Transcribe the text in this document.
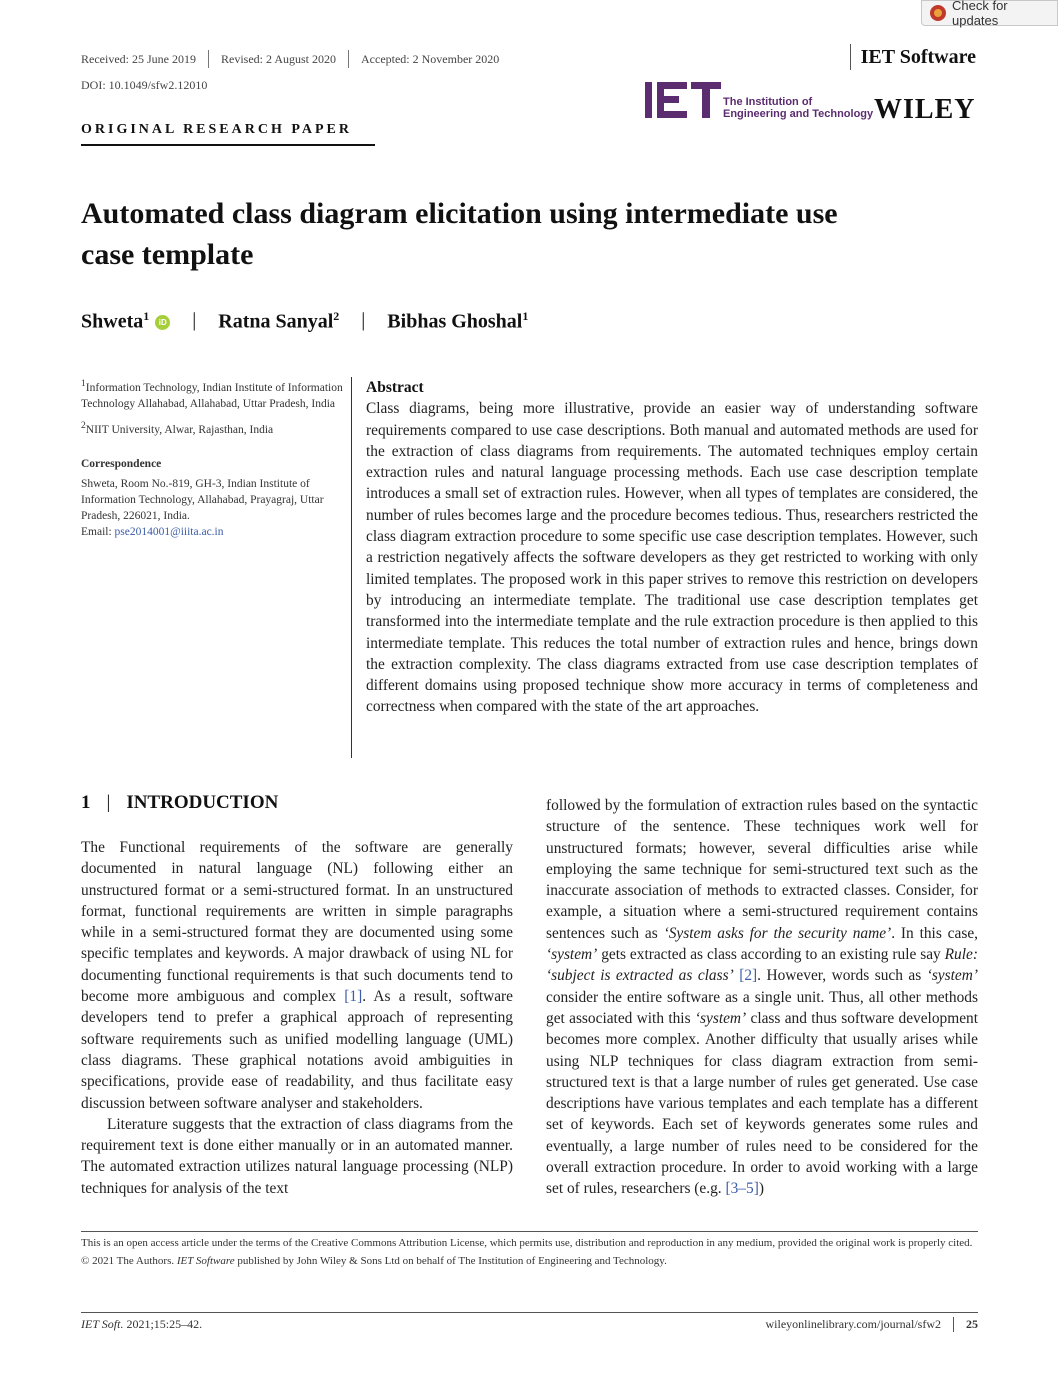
Check for updates
Received: 25 June 2019	Revised: 2 August 2020	Accepted: 2 November 2020
DOI: 10.1049/sfw2.12010
IET Software
The Institution of
Engineering and Technology WILEY
ORIGINAL RESEARCH PAPER
Automated class diagram elicitation using intermediate use case template
Shweta$^1$	iD | Ratna Sanyal$^2$ | Bibhas Ghoshal$^1$

$^1$Information Technology, Indian Institute of Information Technology Allahabad, Allahabad, Uttar Pradesh, India

$^2$NIIT University, Alwar, Rajasthan, India

Correspondence

Shweta, Room No.-819, GH-3, Indian Institute of Information Technology, Allahabad, Prayagraj, Uttar Pradesh, 226021, India.

Email: pse2014001@iiita.ac.in

Abstract

Class diagrams, being more illustrative, provide an easier way of understanding software requirements compared to use case descriptions. Both manual and automated methods are used for the extraction of class diagrams from requirements. The automated techniques employ certain extraction rules and natural language processing methods. Each use case description template introduces a small set of extraction rules. However, when all types of templates are considered, the number of rules becomes large and the procedure becomes tedious. Thus, researchers restricted the class diagram extraction procedure to some specific use case description templates. However, such a restriction negatively affects the software developers as they get restricted to working with only limited templates. The proposed work in this paper strives to remove this restriction on developers by introducing an intermediate template. The traditional use case description templates get transformed into the intermediate template and the rule extraction procedure is then applied to this intermediate template. This reduces the total number of extraction rules and hence, brings down the extraction complexity. The class diagrams extracted from use case description templates of different domains using proposed technique show more accuracy in terms of completeness and correctness when compared with the state of the art approaches.

1 | INTRODUCTION

The Functional requirements of the software are generally documented in natural language (NL) following either an unstructured format or a semi-structured format. In an unstructured format, functional requirements are written in simple paragraphs while in a semi-structured format they are documented using some specific templates and keywords. A major drawback of using NL for documenting functional requirements is that such documents tend to become more ambiguous and complex [1]. As a result, software developers tend to prefer a graphical approach of representing software requirements such as unified modelling language (UML) class diagrams. These graphical notations avoid ambiguities in specifications, provide ease of readability, and thus facilitate easy discussion between software analyser and stakeholders.

Literature suggests that the extraction of class diagrams from the requirement text is done either manually or in an automated manner. The automated extraction utilizes natural language processing (NLP) techniques for analysis of the text

followed by the formulation of extraction rules based on the syntactic structure of the sentence. These techniques work well for unstructured formats; however, several difficulties arise while employing the same technique for semi-structured text such as the inaccurate association of methods to extracted classes. Consider, for example, a situation where a semi-structured requirement contains sentences such as ‘System asks for the security name’. In this case, ‘system’ gets extracted as class according to an existing rule say Rule: ‘subject is extracted as class’ [2]. However, words such as ‘system’ consider the entire software as a single unit. Thus, all other methods get associated with this ‘system’ class and thus software development becomes more complex. Another difficulty that usually arises while using NLP techniques for class diagram extraction from semi-structured text is that a large number of rules get generated. Use case descriptions have various templates and each template has a different set of keywords. Each set of keywords generates some rules and eventually, a large number of rules need to be considered for the overall extraction procedure. In order to avoid working with a large set of rules, researchers (e.g. [3–5])

This is an open access article under the terms of the Creative Commons Attribution License, which permits use, distribution and reproduction in any medium, provided the original work is properly cited.

© 2021 The Authors. IET Software published by John Wiley & Sons Ltd on behalf of The Institution of Engineering and Technology.

IET Soft. 2021;15:25–42.	wileyonlinelibrary.com/journal/sfw2	25
